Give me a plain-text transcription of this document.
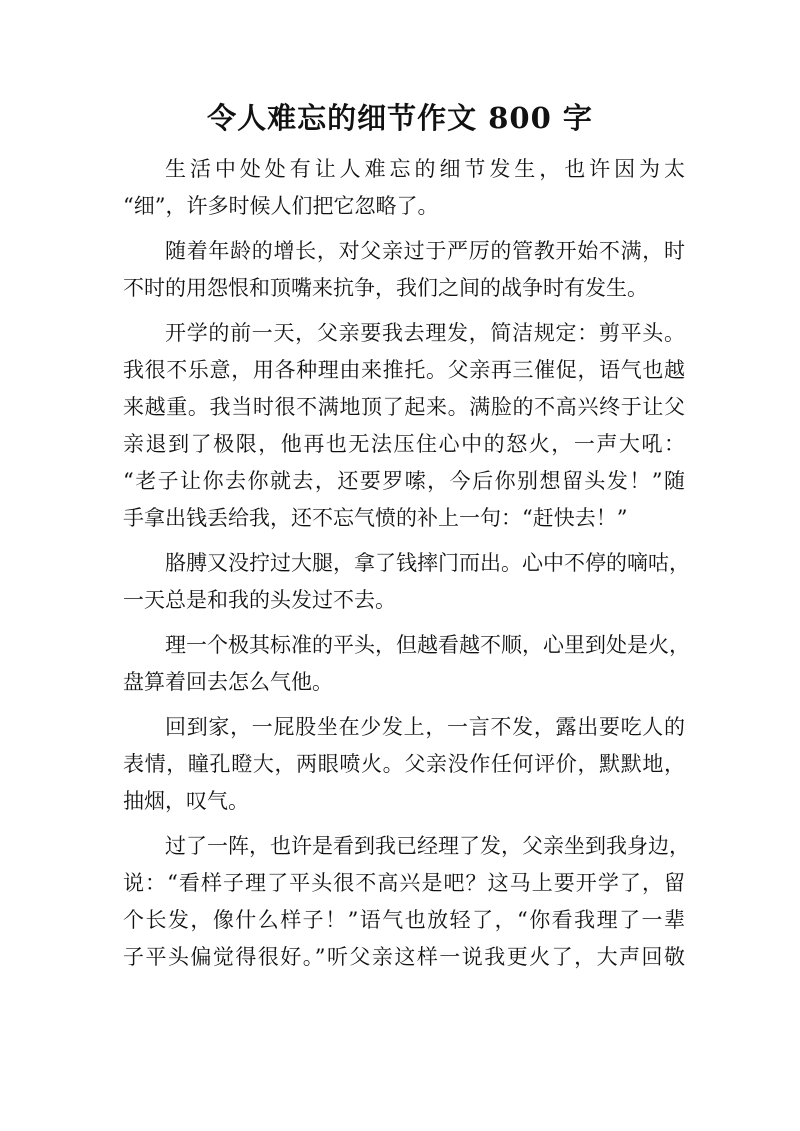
令人难忘的细节作文 800 字
生活中处处有让人难忘的细节发生，也许因为太
“细”，许多时候人们把它忽略了。
随着年龄的增长，对父亲过于严厉的管教开始不满，时
不时的用怨恨和顶嘴来抗争，我们之间的战争时有发生。
开学的前一天，父亲要我去理发，简洁规定：剪平头。
我很不乐意，用各种理由来推托。父亲再三催促，语气也越
来越重。我当时很不满地顶了起来。满脸的不高兴终于让父
亲退到了极限，他再也无法压住心中的怒火，一声大吼：
“老子让你去你就去，还要罗嗦，今后你别想留头发！”随
手拿出钱丢给我，还不忘气愤的补上一句：“赶快去！”
胳膊又没拧过大腿，拿了钱摔门而出。心中不停的嘀咕，
一天总是和我的头发过不去。
理一个极其标准的平头，但越看越不顺，心里到处是火，
盘算着回去怎么气他。
回到家，一屁股坐在少发上，一言不发，露出要吃人的
表情，瞳孔瞪大，两眼喷火。父亲没作任何评价，默默地，
抽烟，叹气。
过了一阵，也许是看到我已经理了发，父亲坐到我身边，
说：“看样子理了平头很不高兴是吧？这马上要开学了，留
个长发，像什么样子！”语气也放轻了，“你看我理了一辈
子平头偏觉得很好。”听父亲这样一说我更火了，大声回敬
